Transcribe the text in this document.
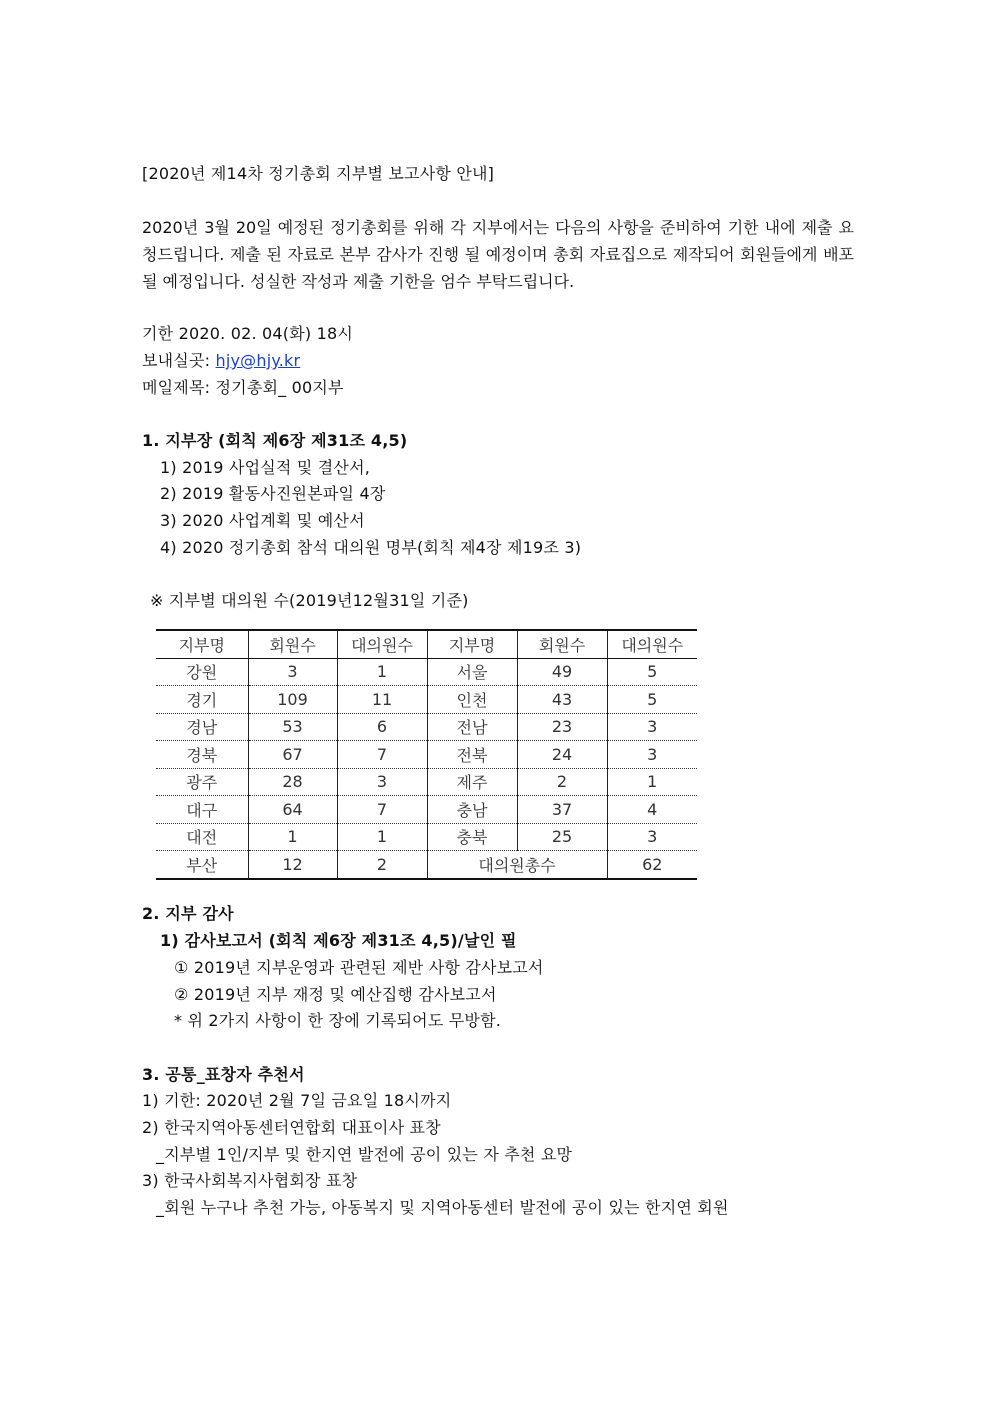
[2020년 제14차 정기총회 지부별 보고사항 안내]
2020년 3월 20일 예정된 정기총회를 위해 각 지부에서는 다음의 사항을 준비하여 기한 내에 제출 요청드립니다. 제출 된 자료로 본부 감사가 진행 될 예정이며 총회 자료집으로 제작되어 회원들에게 배포될 예정입니다. 성실한 작성과 제출 기한을 엄수 부탁드립니다.
기한 2020. 02. 04(화) 18시
보내실곳: hjy@hjy.kr
메일제목: 정기총회_ 00지부
1. 지부장 (회칙 제6장 제31조 4,5)
1) 2019 사업실적 및 결산서,
2) 2019 활동사진원본파일 4장
3) 2020 사업계획 및 예산서
4) 2020 정기총회 참석 대의원 명부(회칙 제4장 제19조 3)
※ 지부별 대의원 수(2019년12월31일 기준)
지부명	회원수	대의원수	지부명	회원수	대의원수
강원	3	1	서울	49	5
경기	109	11	인천	43	5
경남	53	6	전남	23	3
경북	67	7	전북	24	3
광주	28	3	제주	2	1
대구	64	7	충남	37	4
대전	1	1	충북	25	3
부산	12	2	대의원총수		62
2. 지부 감사
1) 감사보고서 (회칙 제6장 제31조 4,5)/날인 필
① 2019년 지부운영과 관련된 제반 사항 감사보고서
② 2019년 지부 재정 및 예산집행 감사보고서
* 위 2가지 사항이 한 장에 기록되어도 무방함.
3. 공통_표창자 추천서
1) 기한: 2020년 2월 7일 금요일 18시까지
2) 한국지역아동센터연합회 대표이사 표창
_지부별 1인/지부 및 한지연 발전에 공이 있는 자 추천 요망
3) 한국사회복지사협회장 표창
_회원 누구나 추천 가능, 아동복지 및 지역아동센터 발전에 공이 있는 한지연 회원
